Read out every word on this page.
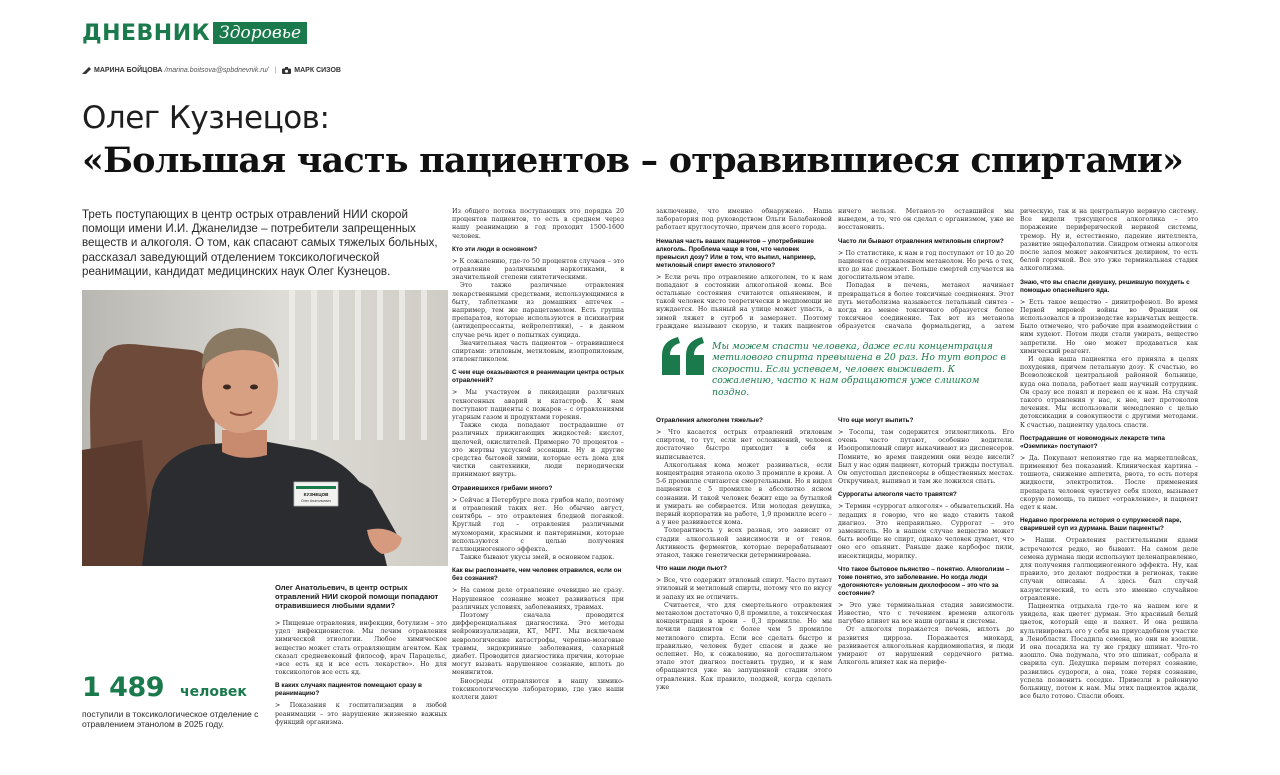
ДНЕВНИК Здоровье
МАРИНА БОЙЦОВА /marina.boitsova@spbdnevnik.ru/ |	МАРК СИЗОВ
Олег Кузнецов:
«Большая часть пациентов – отравившиеся спиртами»
Треть поступающих в центр острых отравлений НИИ скорой помощи имени И.И. Джанелидзе – потребители запрещенных веществ и алкоголя. О том, как спасают самых тяжелых больных, рассказал заведующий отделением токсикологической реанимации, кандидат медицинских наук Олег Кузнецов.
КУЗНЕЦОВ
Олег Анатольевич
Олег Анатольевич, в центр острых отравлений НИИ скорой помощи попадают отравившиеся любыми ядами?
1 489 человек
поступили в токсикологическое отделение с отравлением этанолом в 2025 году.

> Пищевые отравления, инфекции, ботулизм – это удел инфекционистов. Мы лечим отравления химической этиологии. Любое химическое вещество может стать отравляющим агентом. Как сказал средневековый философ, врач Парацельс, «все есть яд и все есть лекарство». Но для токсикологов все есть яд.

В каких случаях пациентов помещают сразу в реанимацию?

> Показания к госпитализации в любой реанимации – это нарушение жизненно важных функций организма.

Из общего потока поступающих это порядка 20 процентов пациентов, то есть в среднем через нашу реанимацию в год проходит 1500-1600 человек.

Кто эти люди в основном?

> К сожалению, где-то 50 процентов случаев – это отравление различными наркотиками, в значительной степени синтетическими.

Это также различные отравления лекарственными средствами, использующимися в быту, таблетками из домашних аптечек – например, тем же парацетамолом. Есть группа препаратов, которые используются в психиатрии (антидепрессанты, нейролептики), – в данном случае речь идет о попытках суицида.

Значительная часть пациентов – отравившиеся спиртами: этиловым, метиловым, изопропиловым, этиленгликолем.

С чем еще оказываются в реанимации центра острых отравлений?

> Мы участвуем в ликвидации различных техногенных аварий и катастроф. К нам поступают пациенты с пожаров – с отравлениями угарным газом и продуктами горения.

Также сюда попадают пострадавшие от различных прижигающих жидкостей: кислот, щелочей, окислителей. Примерно 70 процентов – это жертвы уксусной эссенции. Ну и другие средства бытовой химии, которые есть дома для чистки сантехники, люди периодически принимают внутрь.

Отравившихся грибами много?

> Сейчас в Петербурге пока грибов мало, поэтому и отравлений таких нет. Но обычно август, сентябрь – это отравления бледной поганкой. Круглый год – отравления различными мухоморами, красными и пантериными, которые используются с целью получения галлюциногенного эффекта.

Также бывают укусы змей, в основном гадюк.

Как вы распознаете, чем человек отравился, если он без сознания?

> На самом деле отравление очевидно не сразу. Нарушенное сознание может развиваться при различных условиях, заболеваниях, травмах.

Поэтому сначала проводится дифференциальная диагностика. Это методы нейровизуализации, КТ, МРТ. Мы исключаем неврологические катастрофы, черепно-мозговые травмы, эндокринные заболевания, сахарный диабет. Проводится диагностика причин, которые могут вызвать нарушенное сознание, вплоть до менингитов.

Биосреды отправляются в нашу химико-токсикологическую лабораторию, где уже наши коллеги дают

заключение, что именно обнаружено. Наша лаборатория под руководством Ольги Балабановой работает круглосуточно, причем для всего города.

Немалая часть ваших пациентов – употребившие алкоголь. Проблема чаще в том, что человек превысил дозу? Или в том, что выпил, например, метиловый спирт вместо этилового?

> Если речь про отравление алкоголем, то к нам попадают в состоянии алкогольной комы. Все остальные состояния считаются опьянением, и такой человек чисто теоретически в медпомощи не нуждается. Но пьяный на улице может упасть, а зимой ляжет в сугроб и замерзнет. Поэтому граждане вызывают скорую, и таких пациентов

ничего нельзя. Метанол-то оставшийся мы выведем, а то, что он сделал с организмом, уже не восстановить.

Часто ли бывают отравления метиловым спиртом?

> По статистике, к нам в год поступают от 10 до 20 пациентов с отравлением метанолом. Но речь о тех, кто до нас доезжает. Больше смертей случается на догоспитальном этапе.

Попадая в печень, метанол начинает превращаться в более токсичные соединения. Этот путь метаболизма называется летальный синтез – когда из менее токсичного образуется более токсичное соединение. Так вот из метанола образуется сначала формальдегид, а затем

Мы можем спасти человека, даже если концентрация метилового спирта превышена в 20 раз. Но тут вопрос в скорости. Если успеваем, человек выживает. К сожалению, часто к нам обращаются уже слишком поздно.
Отравления алкоголем тяжелые?

> Что касается острых отравлений этиловым спиртом, то тут, если нет осложнений, человек достаточно быстро приходит в себя и выписывается.

Алкогольная кома может развиваться, если концентрация этанола около 3 промилле в крови. А 5-6 промилле считаются смертельными. Но я видел пациентов с 5 промилле в абсолютно ясном сознании. И такой человек бежит еще за бутылкой и умирать не собирается. Или молодая девушка, первый корпоратив на работе, 1,9 промилле всего – а у нее развивается кома.

Толерантность у всех разная, это зависит от стадии алкогольной зависимости и от генов. Активность ферментов, которые перерабатывают этанол, также генетически детерминирована.

Что наши люди пьют?

> Все, что содержит этиловый спирт. Часто путают этиловый и метиловый спирты, потому что по вкусу и запаху их не отличить.

Считается, что для смертельного отравления метанолом достаточно 0,8 промилле, а токсическая концентрация в крови – 0,3 промилле. Но мы лечили пациентов с более чем 5 промилле метилового спирта. Если все сделать быстро и правильно, человек будет спасен и даже не ослепнет. Но, к сожалению, на догоспитальном этапе этот диагноз поставить трудно, и к нам обращаются уже на запущенной стадии этого отравления. Как правило, поздней, когда сделать уже

Что еще могут выпить?

> Тосолы, там содержится этиленгликоль. Его очень часто путают, особенно водители. Изопропиловый спирт выкачивают из диспенсеров. Помните, во время пандемии они везде висели? Был у нас один пациент, который трижды поступал. Он опустошал диспенсеры в общественных местах. Откручивал, выпивал и там же ложился спать.

Суррогаты алкоголя часто травятся?

> Термин «суррогат алкоголя» – обывательский. На ледащих я говорю, что не надо ставить такой диагноз. Это неправильно. Суррогат – это заменитель. Но в нашем случае вещество может быть вообще не спирт, однако человек думает, что оно его опьянит. Раньше даже карбофос пили, инсектициды, морилку.

Что такое бытовое пьянство – понятно. Алкоголизм – тоже понятно, это заболевание. Но когда люди «догоняются» условным дихлофосом – это что за состояние?

> Это уже терминальная стадия зависимости. Известно, что с течением времени алкоголь пагубно влияет на все наши органы и системы.

От алкоголя поражается печень, вплоть до развития цирроза. Поражается миокард, развивается алкогольная кардиомиопатия, и люди умирают от нарушений сердечного ритма. Алкоголь влияет как на перифе-

рическую, так и на центральную нервную систему. Все видели трясущегося алкоголика – это поражение периферической нервной системы, тремор. Ну и, естественно, падение интеллекта, развитие энцефалопатии. Синдром отмены алкоголя после запоя может закончиться делирием, то есть белой горячкой. Все это уже терминальная стадия алкоголизма.

Знаю, что вы спасли девушку, решившую похудеть с помощью опаснейшего яда.

> Есть такое вещество – динитрофенол. Во время Первой мировой войны во Франции он использовался в производстве взрывчатых веществ. Было отмечено, что рабочие при взаимодействии с ним худеют. Потом люди стали умирать, вещество запретили. Но оно может продаваться как химический реагент.

И одна наша пациентка его приняла в целях похудения, причем летальную дозу. К счастью, во Всеволожской центральной районной больнице, куда она попала, работает наш научный сотрудник. Он сразу все понял и перевел ее к нам. На случай такого отравления у нас, к нее, нет протоколов лечения. Мы использовали немедленно с целью детоксикации в совокупности с другими методами. К счастью, пациентку удалось спасти.

Пострадавшие от новомодных лекарств типа «Оземпика» поступают?

> Да. Покупают непонятно где на маркетплейсах, применяют без показаний. Клиническая картина – тошнота, снижение аппетита, рвота, то есть потеря жидкости, электролитов. После применения препарата человек чувствует себя плохо, вызывает скорую помощь, та пишет «отравление», и пациент едет к нам.

Недавно прогремела история о супружеской паре, сварившей суп из дурмана. Ваши пациенты?

> Наши. Отравления растительными ядами встречаются редко, но бывают. На самом деле семена дурмана люди используют целенаправленно, для получения галлюциногенного эффекта. Ну, как правило, это делают подростки в регионах, такие случаи описаны. А здесь был случай казуистический, то есть это именно случайное отравление.

Пациентка отдыхала где-то на нашем юге и увидела, как цветет дурман. Это красивый белый цветок, который еще и пахнет. И она решила культивировать его у себя на приусадебном участке в Ленобласти. Посадила семена, но они не взошли. И она посадила на ту же грядку шпинат. Что-то взошло. Она подумала, что это шпинат, собрала и сварила суп. Дедушка первым потерял сознание, развились судороги, а она, тоже теряя сознание, успела позвонить соседке. Привезли в районную больницу, потом к нам. Мы этих пациентов ждали, все было готово. Спасли обоих.
